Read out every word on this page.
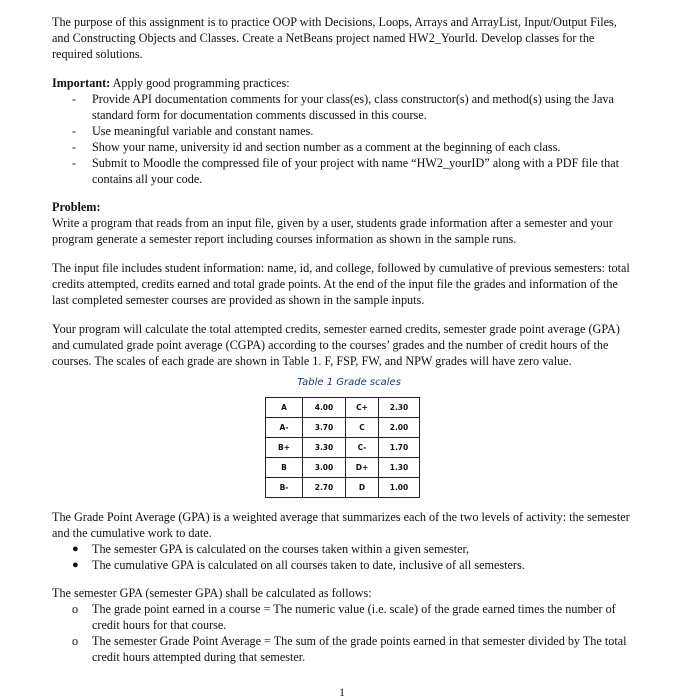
The purpose of this assignment is to practice OOP with Decisions, Loops, Arrays and ArrayList, Input/Output Files, and Constructing Objects and Classes. Create a NetBeans project named HW2_YourId. Develop classes for the required solutions.

Important: Apply good programming practices:

-	Provide API documentation comments for your class(es), class constructor(s) and method(s) using the Java standard form for documentation comments discussed in this course.
-	Use meaningful variable and constant names.
-	Show your name, university id and section number as a comment at the beginning of each class.
-	Submit to Moodle the compressed file of your project with name “HW2_yourID” along with a PDF file that contains all your code.

Problem:

Write a program that reads from an input file, given by a user, students grade information after a semester and your program generate a semester report including courses information as shown in the sample runs.

The input file includes student information: name, id, and college, followed by cumulative of previous semesters: total credits attempted, credits earned and total grade points. At the end of the input file the grades and information of the last completed semester courses are provided as shown in the sample inputs.

Your program will calculate the total attempted credits, semester earned credits, semester grade point average (GPA) and cumulated grade point average (CGPA) according to the courses’ grades and the number of credit hours of the courses. The scales of each grade are shown in Table 1. F, FSP, FW, and NPW grades will have zero value.

Table 1 Grade scales
A	4.00	C+	2.30
A-	3.70	C	2.00
B+	3.30	C-	1.70
B	3.00	D+	1.30
B-	2.70	D	1.00

The Grade Point Average (GPA) is a weighted average that summarizes each of the two levels of activity: the semester and the cumulative work to date.

●	The semester GPA is calculated on the courses taken within a given semester,
●	The cumulative GPA is calculated on all courses taken to date, inclusive of all semesters.

The semester GPA (semester GPA) shall be calculated as follows:

o	The grade point earned in a course = The numeric value (i.e. scale) of the grade earned times the number of credit hours for that course.
o	The semester Grade Point Average = The sum of the grade points earned in that semester divided by The total credit hours attempted during that semester.
1
